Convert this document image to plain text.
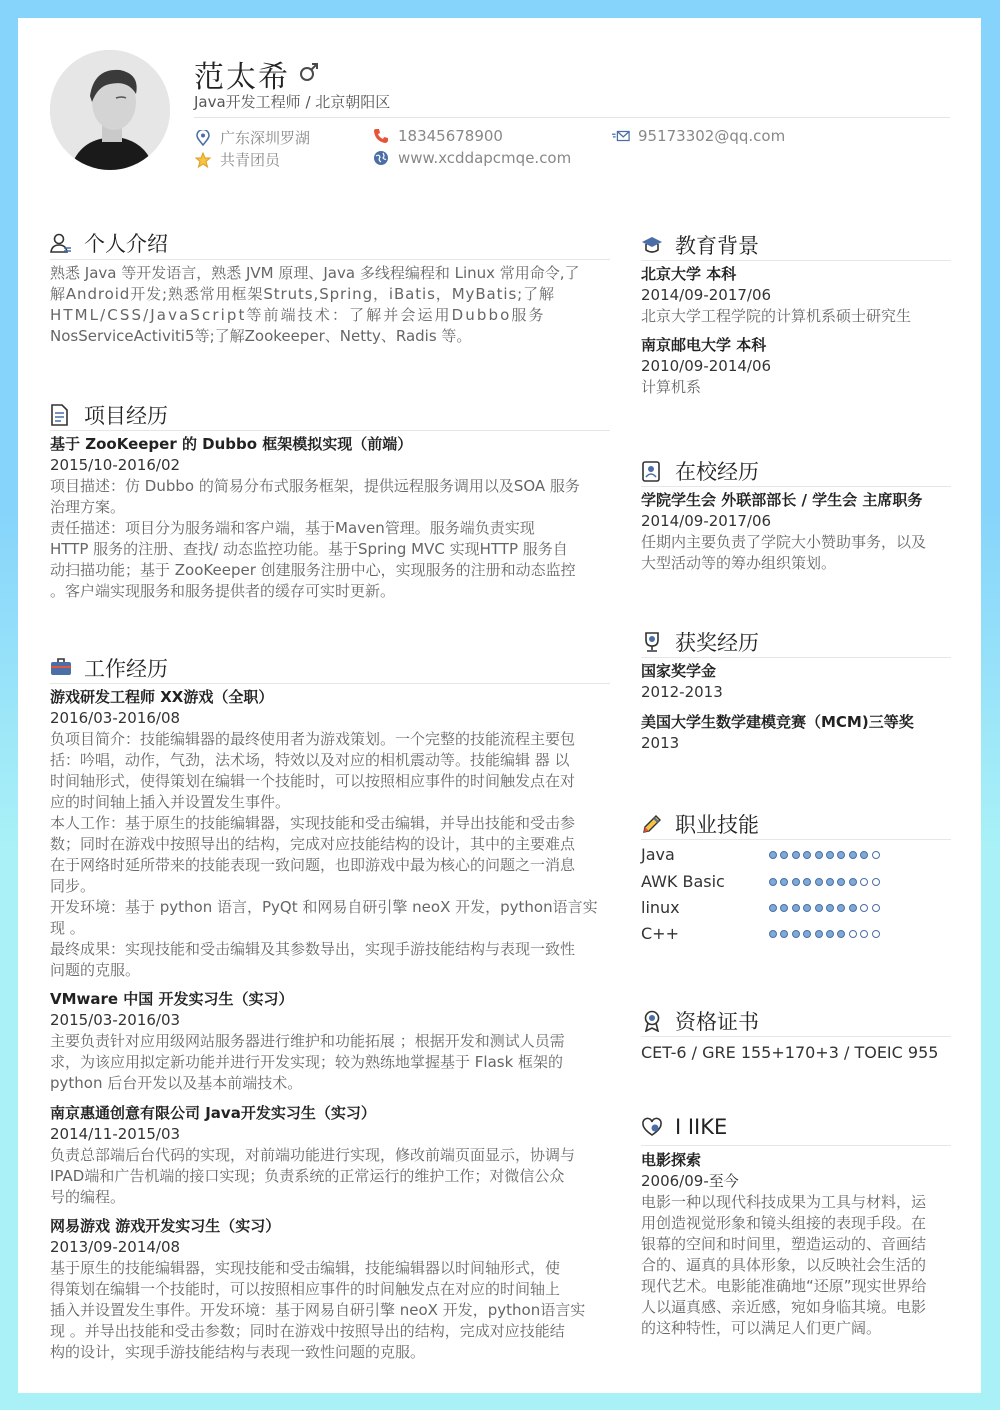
范太希
Java开发工程师 / 北京朝阳区
广东深圳罗湖	18345678900	95173302@qq.com
共青团员	www.xcddapcmqe.com
个人介绍
熟悉 Java 等开发语言，熟悉 JVM 原理、Java 多线程编程和 Linux 常用命令,了
解Android开发;熟悉常用框架Struts,Spring，iBatis，MyBatis;了解
HTML/CSS/JavaScript等前端技术：了解并会运用Dubbo服务
NosServiceActiviti5等;了解Zookeeper、Netty、Radis 等。
项目经历
基于 ZooKeeper 的 Dubbo 框架模拟实现（前端）
2015/10-2016/02
项目描述：仿 Dubbo 的简易分布式服务框架，提供远程服务调用以及SOA 服务
治理方案。
责任描述：项目分为服务端和客户端，基于Maven管理。服务端负责实现
HTTP 服务的注册、查找/ 动态监控功能。基于Spring MVC 实现HTTP 服务自
动扫描功能；基于 ZooKeeper 创建服务注册中心，实现服务的注册和动态监控
。客户端实现服务和服务提供者的缓存可实时更新。
工作经历
游戏研发工程师 XX游戏（全职）
2016/03-2016/08
负项目简介：技能编辑器的最终使用者为游戏策划。一个完整的技能流程主要包
括：吟唱，动作，气劲，法术场，特效以及对应的相机震动等。技能编辑 器 以
时间轴形式，使得策划在编辑一个技能时，可以按照相应事件的时间触发点在对
应的时间轴上插入并设置发生事件。
本人工作：基于原生的技能编辑器，实现技能和受击编辑，并导出技能和受击参
数；同时在游戏中按照导出的结构，完成对应技能结构的设计，其中的主要难点
在于网络时延所带来的技能表现一致问题，也即游戏中最为核心的问题之一消息
同步。
开发环境：基于 python 语言，PyQt 和网易自研引擎 neoX 开发，python语言实
现 。
最终成果：实现技能和受击编辑及其参数导出，实现手游技能结构与表现一致性
问题的克服。
VMware 中国 开发实习生（实习）
2015/03-2016/03
主要负责针对应用级网站服务器进行维护和功能拓展 ；根据开发和测试人员需
求，为该应用拟定新功能并进行开发实现；较为熟练地掌握基于 Flask 框架的
python 后台开发以及基本前端技术。
南京惠通创意有限公司 Java开发实习生（实习）
2014/11-2015/03
负责总部端后台代码的实现，对前端功能进行实现，修改前端页面显示，协调与
IPAD端和广告机端的接口实现；负责系统的正常运行的维护工作；对微信公众
号的编程。
网易游戏 游戏开发实习生（实习）
2013/09-2014/08
基于原生的技能编辑器，实现技能和受击编辑，技能编辑器以时间轴形式，使
得策划在编辑一个技能时，可以按照相应事件的时间触发点在对应的时间轴上
插入并设置发生事件。开发环境：基于网易自研引擎 neoX 开发，python语言实
现 。并导出技能和受击参数；同时在游戏中按照导出的结构，完成对应技能结
构的设计，实现手游技能结构与表现一致性问题的克服。
教育背景
北京大学 本科
2014/09-2017/06
北京大学工程学院的计算机系硕士研究生
南京邮电大学 本科
2010/09-2014/06
计算机系
在校经历
学院学生会 外联部部长 / 学生会 主席职务
2014/09-2017/06
任期内主要负责了学院大小赞助事务，以及
大型活动等的筹办组织策划。
获奖经历
国家奖学金
2012-2013
美国大学生数学建模竞赛（MCM)三等奖
2013
职业技能
Java
AWK Basic
linux
C++
资格证书
CET-6 / GRE 155+170+3 / TOEIC 955
I IIKE
电影探索
2006/09-至今
电影一种以现代科技成果为工具与材料，运
用创造视觉形象和镜头组接的表现手段。在
银幕的空间和时间里，塑造运动的、音画结
合的、逼真的具体形象，以反映社会生活的
现代艺术。电影能准确地“还原”现实世界给
人以逼真感、亲近感，宛如身临其境。电影
的这种特性，可以满足人们更广阔。
